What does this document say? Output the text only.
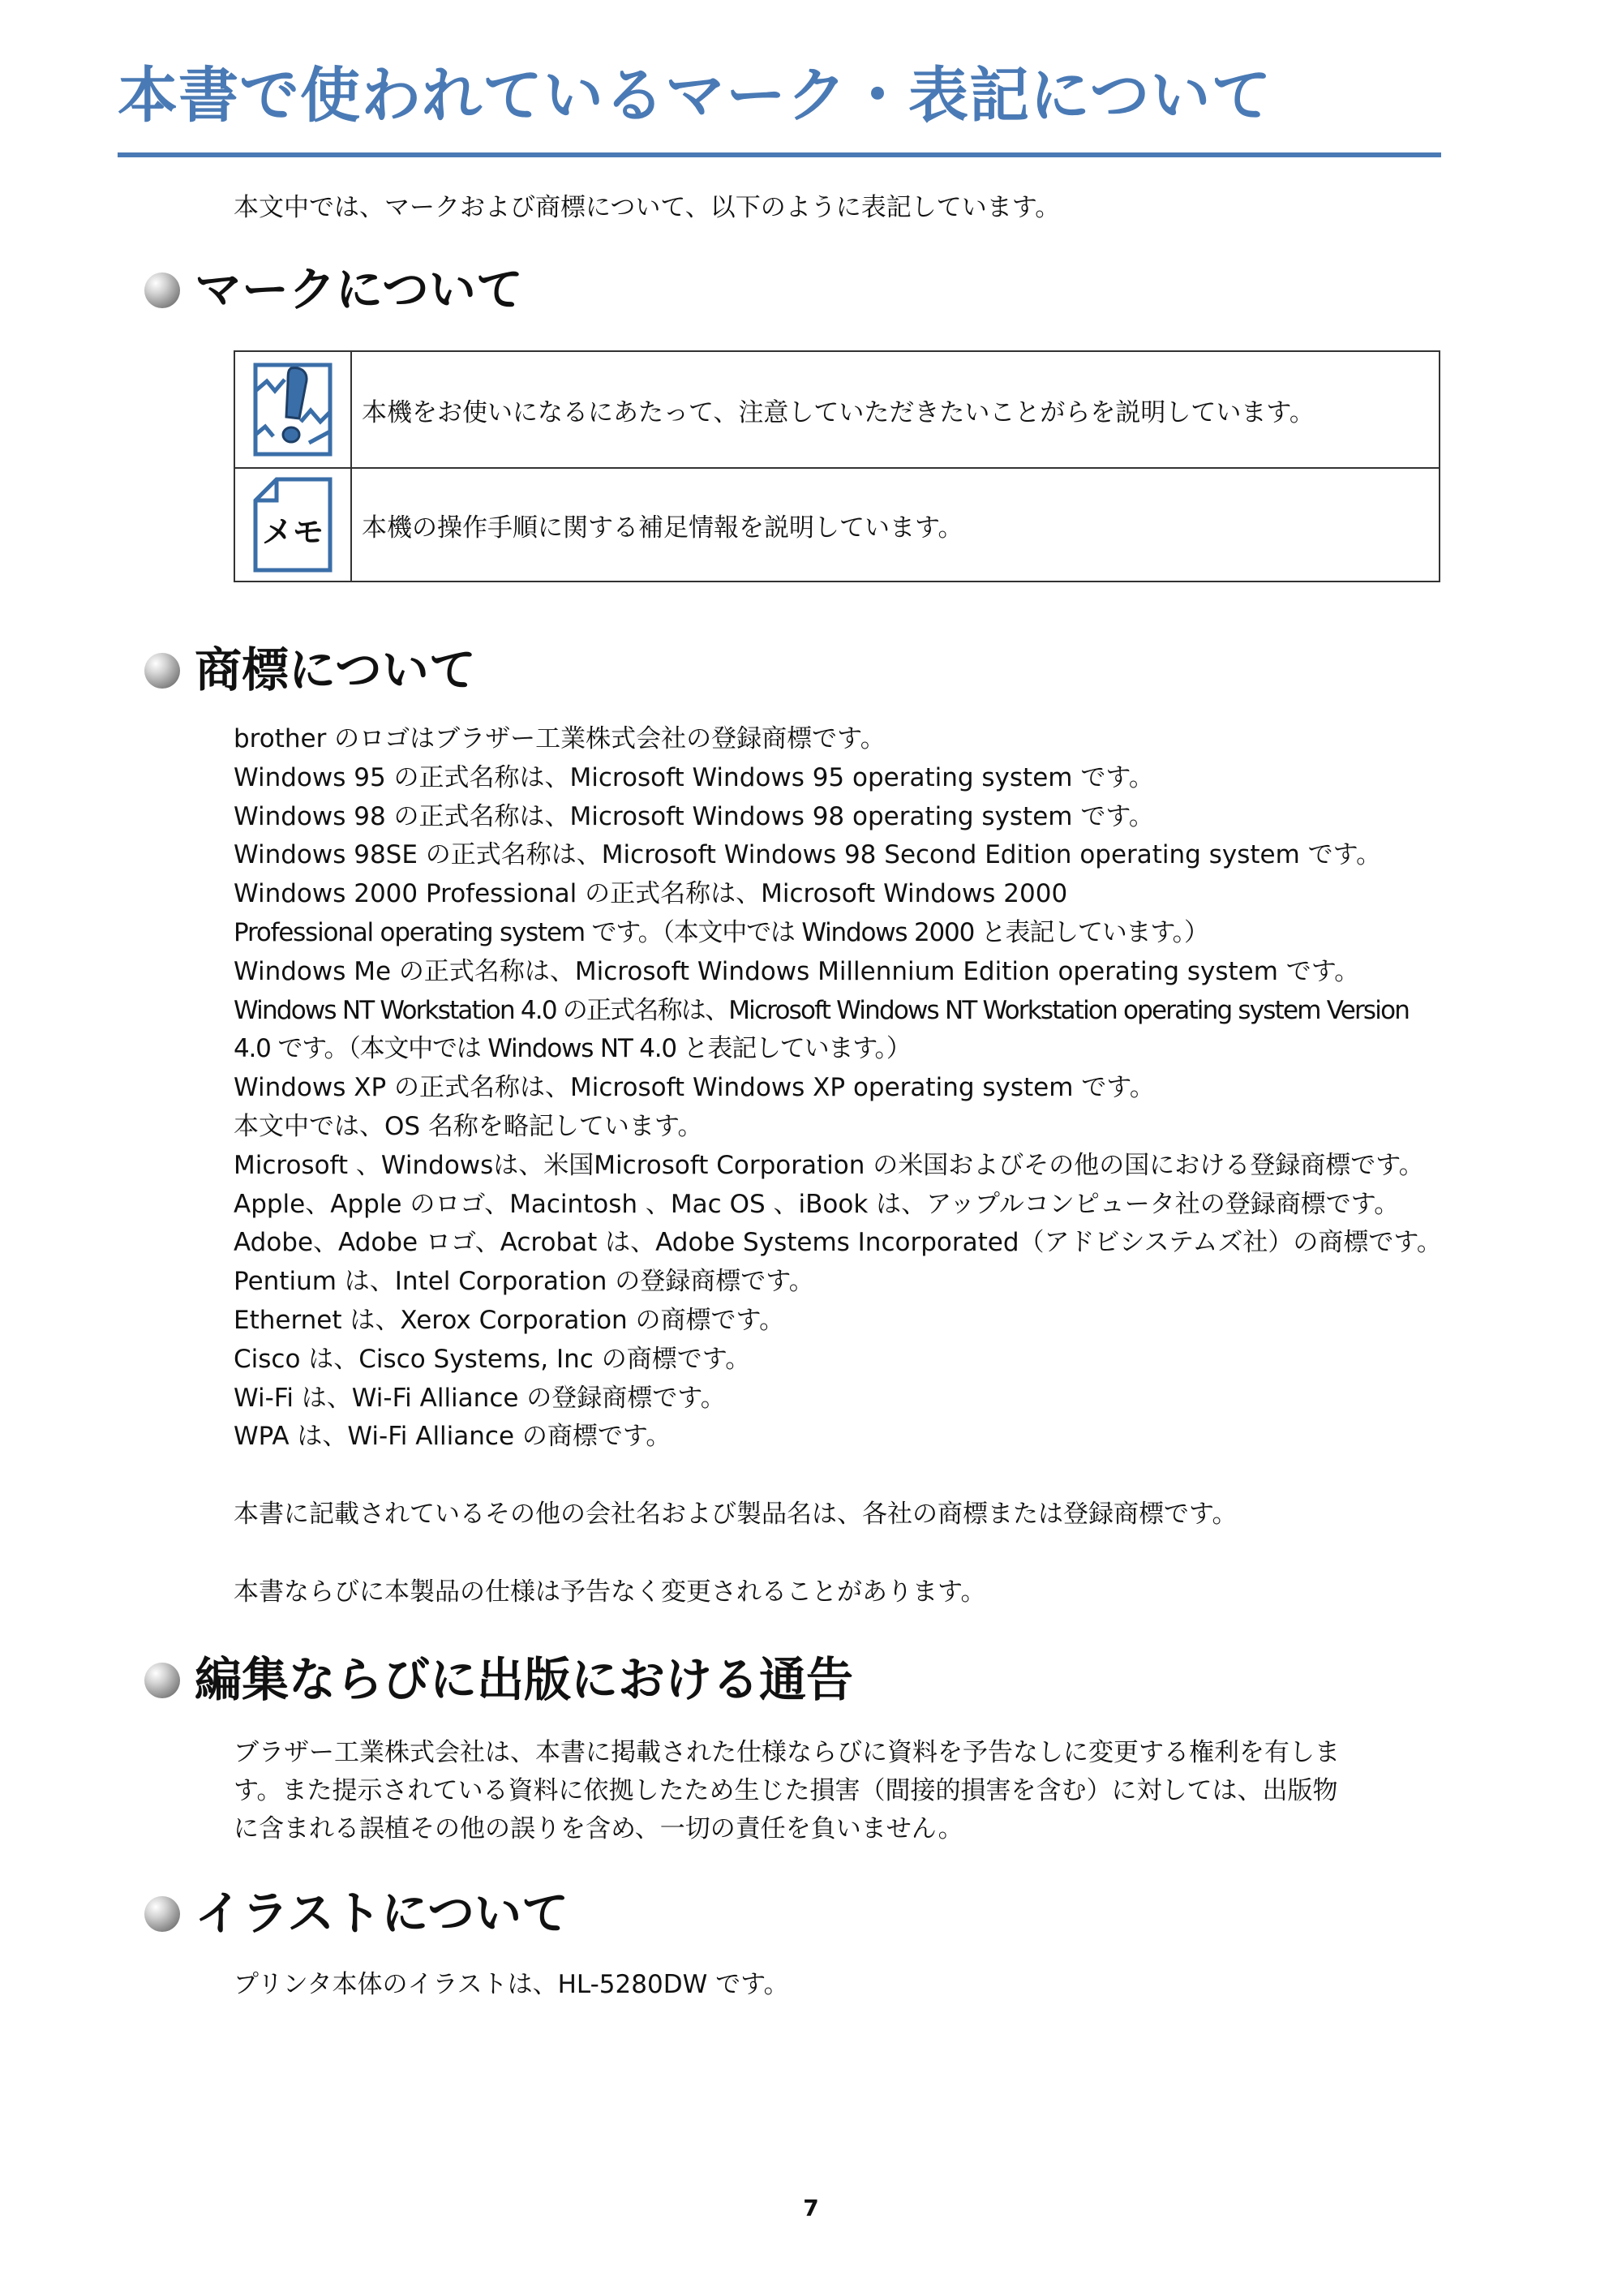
本書で使われているマーク・表記について
本文中では、マークおよび商標について、以下のように表記しています。
マークについて
本機をお使いになるにあたって、注意していただきたいことがらを説明しています。
メモ	本機の操作手順に関する補足情報を説明しています。
商標について
brother のロゴはブラザー工業株式会社の登録商標です。
Windows 95 の正式名称は、Microsoft Windows 95 operating system です。
Windows 98 の正式名称は、Microsoft Windows 98 operating system です。
Windows 98SE の正式名称は、Microsoft Windows 98 Second Edition operating system です。
Windows 2000 Professional の正式名称は、Microsoft Windows 2000
Professional operating system です。（本文中では Windows 2000 と表記しています。）
Windows Me の正式名称は、Microsoft Windows Millennium Edition operating system です。
Windows NT Workstation 4.0 の正式名称は、Microsoft Windows NT Workstation operating system Version
4.0 です。（本文中では Windows NT 4.0 と表記しています。）
Windows XP の正式名称は、Microsoft Windows XP operating system です。
本文中では、OS 名称を略記しています。
Microsoft 、Windowsは、米国Microsoft Corporation の米国およびその他の国における登録商標です。
Apple、Apple のロゴ、Macintosh 、Mac OS 、iBook は、アップルコンピュータ社の登録商標です。
Adobe、Adobe ロゴ、Acrobat は、Adobe Systems Incorporated（アドビシステムズ社）の商標です。
Pentium は、Intel Corporation の登録商標です。
Ethernet は、Xerox Corporation の商標です。
Cisco は、Cisco Systems, Inc の商標です。
Wi-Fi は、Wi-Fi Alliance の登録商標です。
WPA は、Wi-Fi Alliance の商標です。
本書に記載されているその他の会社名および製品名は、各社の商標または登録商標です。
本書ならびに本製品の仕様は予告なく変更されることがあります。
編集ならびに出版における通告
ブラザー工業株式会社は、本書に掲載された仕様ならびに資料を予告なしに変更する権利を有しま
す。また提示されている資料に依拠したため生じた損害（間接的損害を含む）に対しては、出版物
に含まれる誤植その他の誤りを含め、一切の責任を負いません。
イラストについて
プリンタ本体のイラストは、HL-5280DW です。
7
